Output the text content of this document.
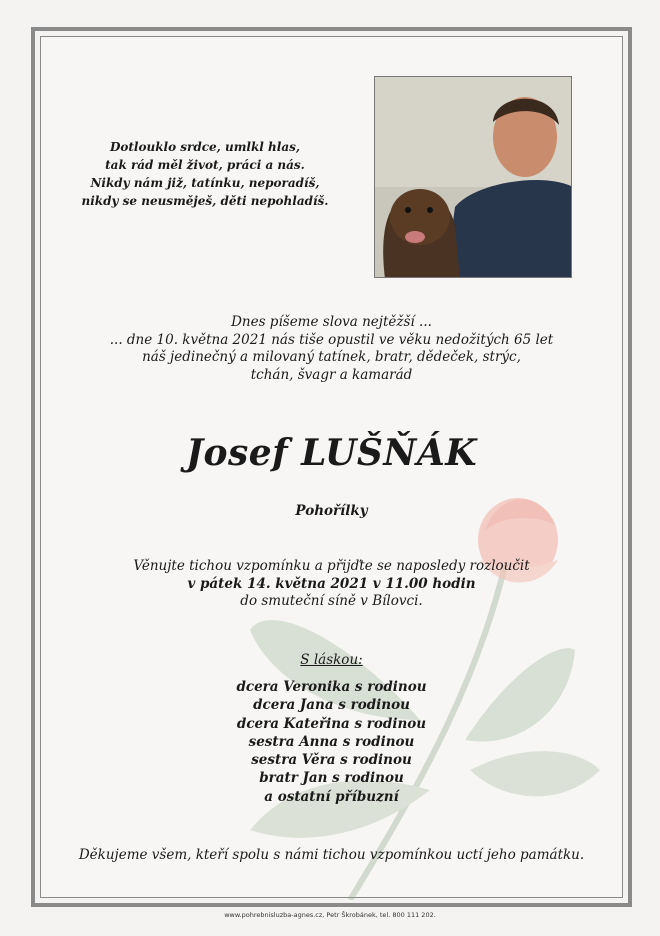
Dotlouklo srdce, umlkl hlas,
tak rád měl život, práci a nás.
Nikdy nám již, tatínku, neporadíš,
nikdy se neusměješ, děti nepohladíš.
Dnes píšeme slova nejtěžší ...
... dne 10. května 2021 nás tiše opustil ve věku nedožitých 65 let
náš jedinečný a milovaný tatínek, bratr, dědeček, strýc,
tchán, švagr a kamarád
Josef LUŠŇÁK
Pohořílky
Věnujte tichou vzpomínku a přijďte se naposledy rozloučit
v pátek 14. května 2021 v 11.00 hodin
do smuteční síně v Bílovci.
S láskou:
dcera Veronika s rodinou
dcera Jana s rodinou
dcera Kateřina s rodinou
sestra Anna s rodinou
sestra Věra s rodinou
bratr Jan s rodinou
a ostatní příbuzní
Děkujeme všem, kteří spolu s námi tichou vzpomínkou uctí jeho památku.
www.pohrebnisluzba-agnes.cz, Petr Škrobánek, tel. 800 111 202.
